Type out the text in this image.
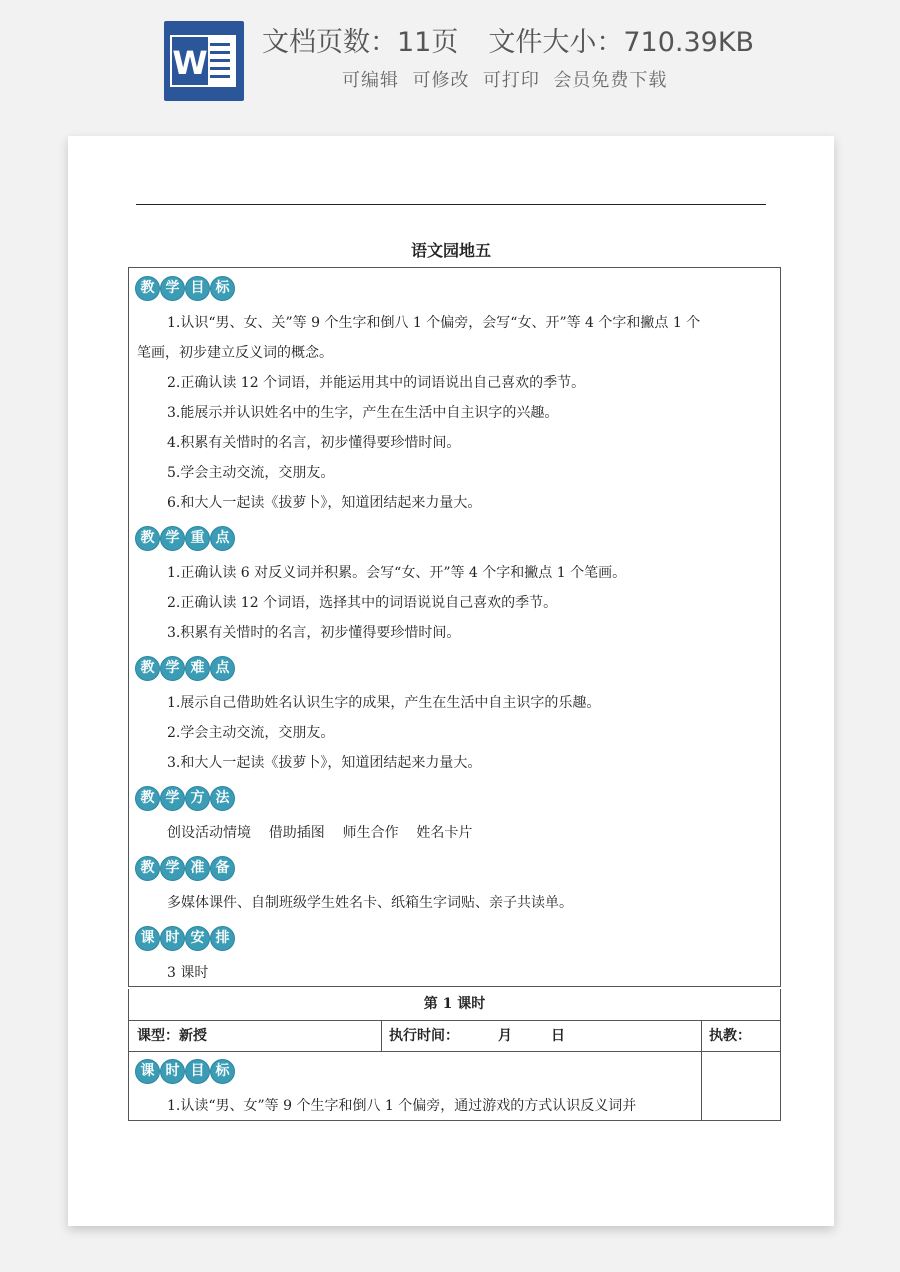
W
文档页数：11页 文件大小：710.39KB
可编辑  可修改  可打印  会员免费下载
语文园地五
教 学 目 标
1.认识“男、女、关”等 9 个生字和倒八 1 个偏旁，会写“女、开”等 4 个字和撇点 1 个
笔画，初步建立反义词的概念。
2.正确认读 12 个词语，并能运用其中的词语说出自己喜欢的季节。
3.能展示并认识姓名中的生字，产生在生活中自主识字的兴趣。
4.积累有关惜时的名言，初步懂得要珍惜时间。
5.学会主动交流，交朋友。
6.和大人一起读《拔萝卜》，知道团结起来力量大。
教 学 重 点
1.正确认读 6 对反义词并积累。会写“女、开”等 4 个字和撇点 1 个笔画。
2.正确认读 12 个词语，选择其中的词语说说自己喜欢的季节。
3.积累有关惜时的名言，初步懂得要珍惜时间。
教 学 难 点
1.展示自己借助姓名认识生字的成果，产生在生活中自主识字的乐趣。
2.学会主动交流，交朋友。
3.和大人一起读《拔萝卜》，知道团结起来力量大。
教 学 方 法
创设活动情境    借助插图    师生合作    姓名卡片
教 学 准 备
多媒体课件、自制班级学生姓名卡、纸箱生字词贴、亲子共读单。
课 时 安 排
3 课时
第 1 课时
课型：新授	执行时间：        月        日	执教：
课 时 目 标
1.认读“男、女”等 9 个生字和倒八 1 个偏旁，通过游戏的方式认识反义词并
